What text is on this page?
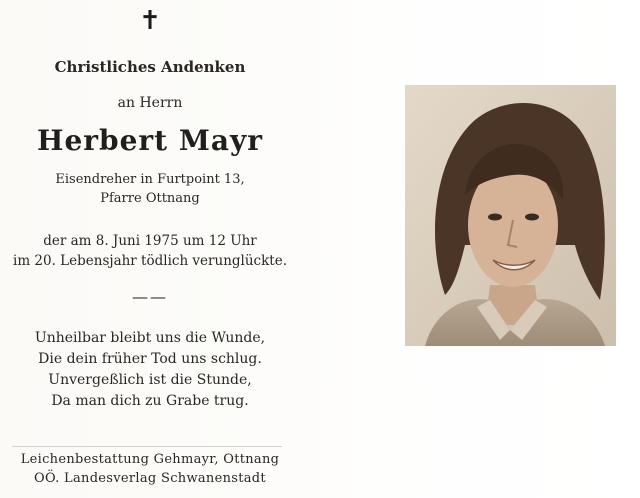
✝
Christliches Andenken
an Herrn
Herbert Mayr
Eisendreher in Furtpoint 13,
Pfarre Ottnang
der am 8. Juni 1975 um 12 Uhr
im 20. Lebensjahr tödlich verunglückte.
——
Unheilbar bleibt uns die Wunde,
Die dein früher Tod uns schlug.
Unvergeßlich ist die Stunde,
Da man dich zu Grabe trug.
Leichenbestattung Gehmayr, Ottnang
OÖ. Landesverlag Schwanenstadt
